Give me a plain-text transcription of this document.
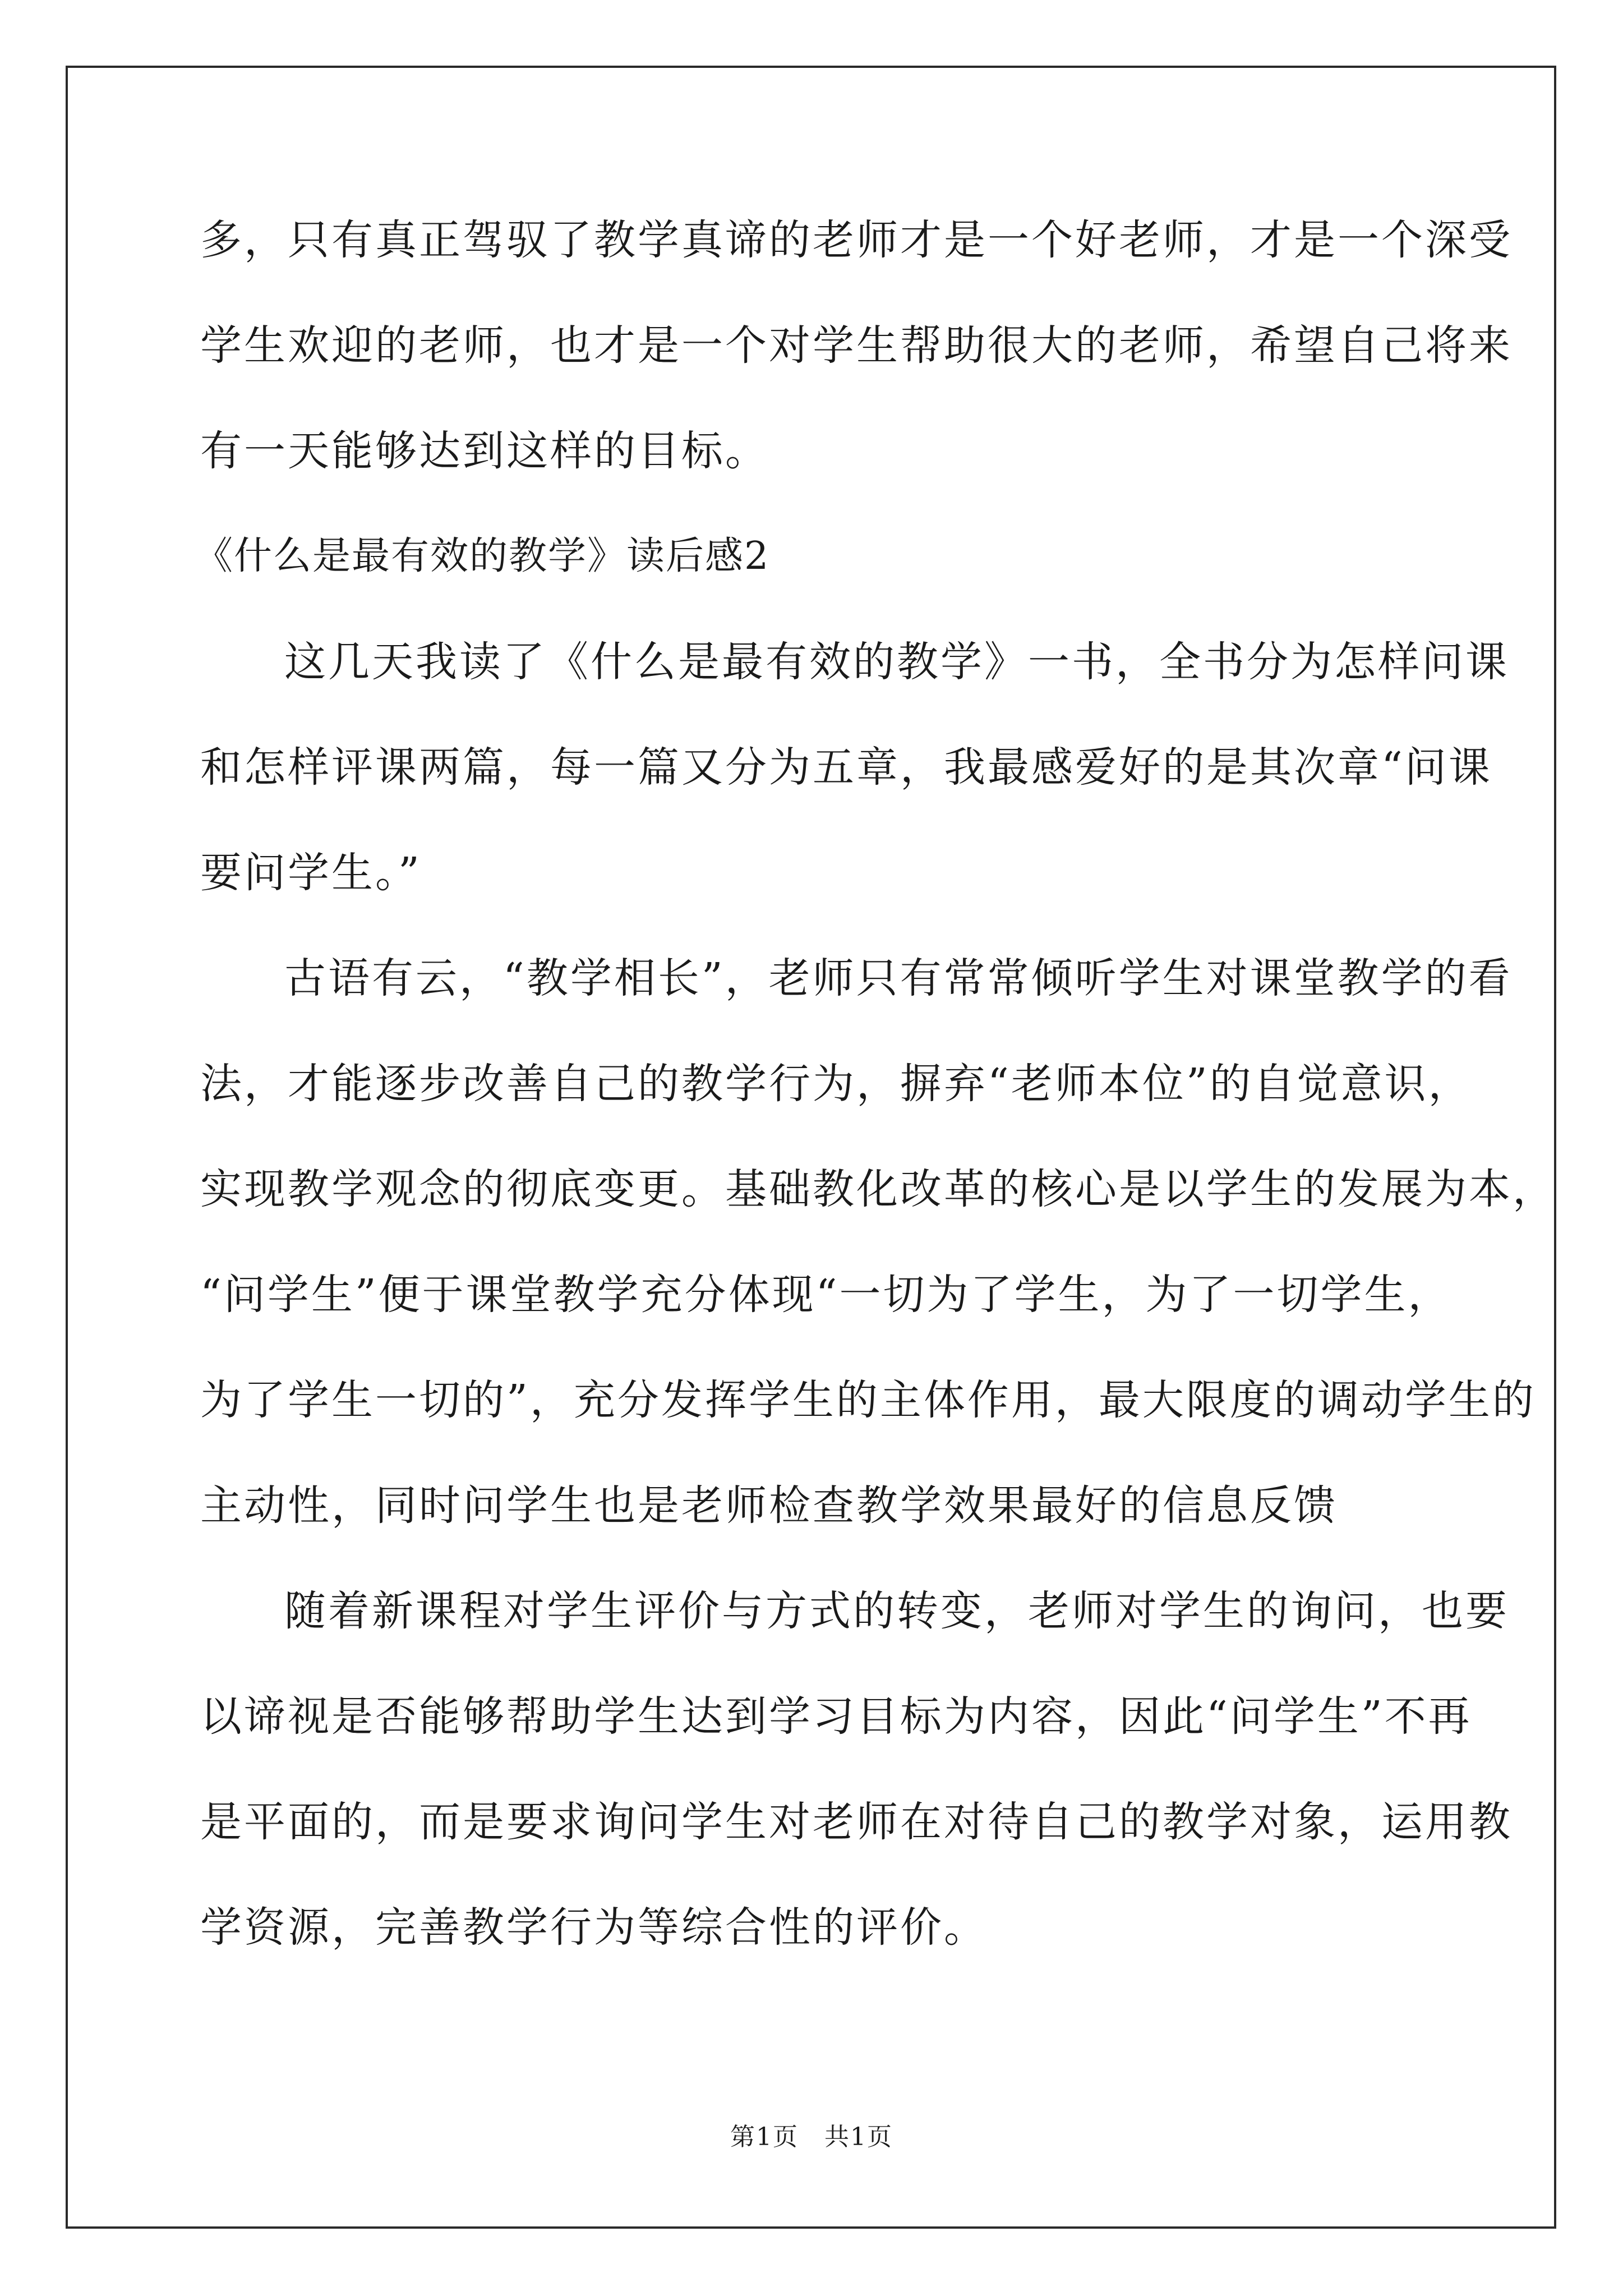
多，只有真正驾驭了教学真谛的老师才是一个好老师，才是一个深受
学生欢迎的老师，也才是一个对学生帮助很大的老师，希望自己将来
有一天能够达到这样的目标。
《什么是最有效的教学》读后感2
这几天我读了《什么是最有效的教学》一书，全书分为怎样问课
和怎样评课两篇，每一篇又分为五章，我最感爱好的是其次章“问课
要问学生。”
古语有云，“教学相长”，老师只有常常倾听学生对课堂教学的看
法，才能逐步改善自己的教学行为，摒弃“老师本位”的自觉意识，
实现教学观念的彻底变更。基础教化改革的核心是以学生的发展为本，
“问学生”便于课堂教学充分体现“一切为了学生，为了一切学生，
为了学生一切的”，充分发挥学生的主体作用，最大限度的调动学生的
主动性，同时问学生也是老师检查教学效果最好的信息反馈
随着新课程对学生评价与方式的转变，老师对学生的询问，也要
以谛视是否能够帮助学生达到学习目标为内容，因此“问学生”不再
是平面的，而是要求询问学生对老师在对待自己的教学对象，运用教
学资源，完善教学行为等综合性的评价。
第1页　共1页
